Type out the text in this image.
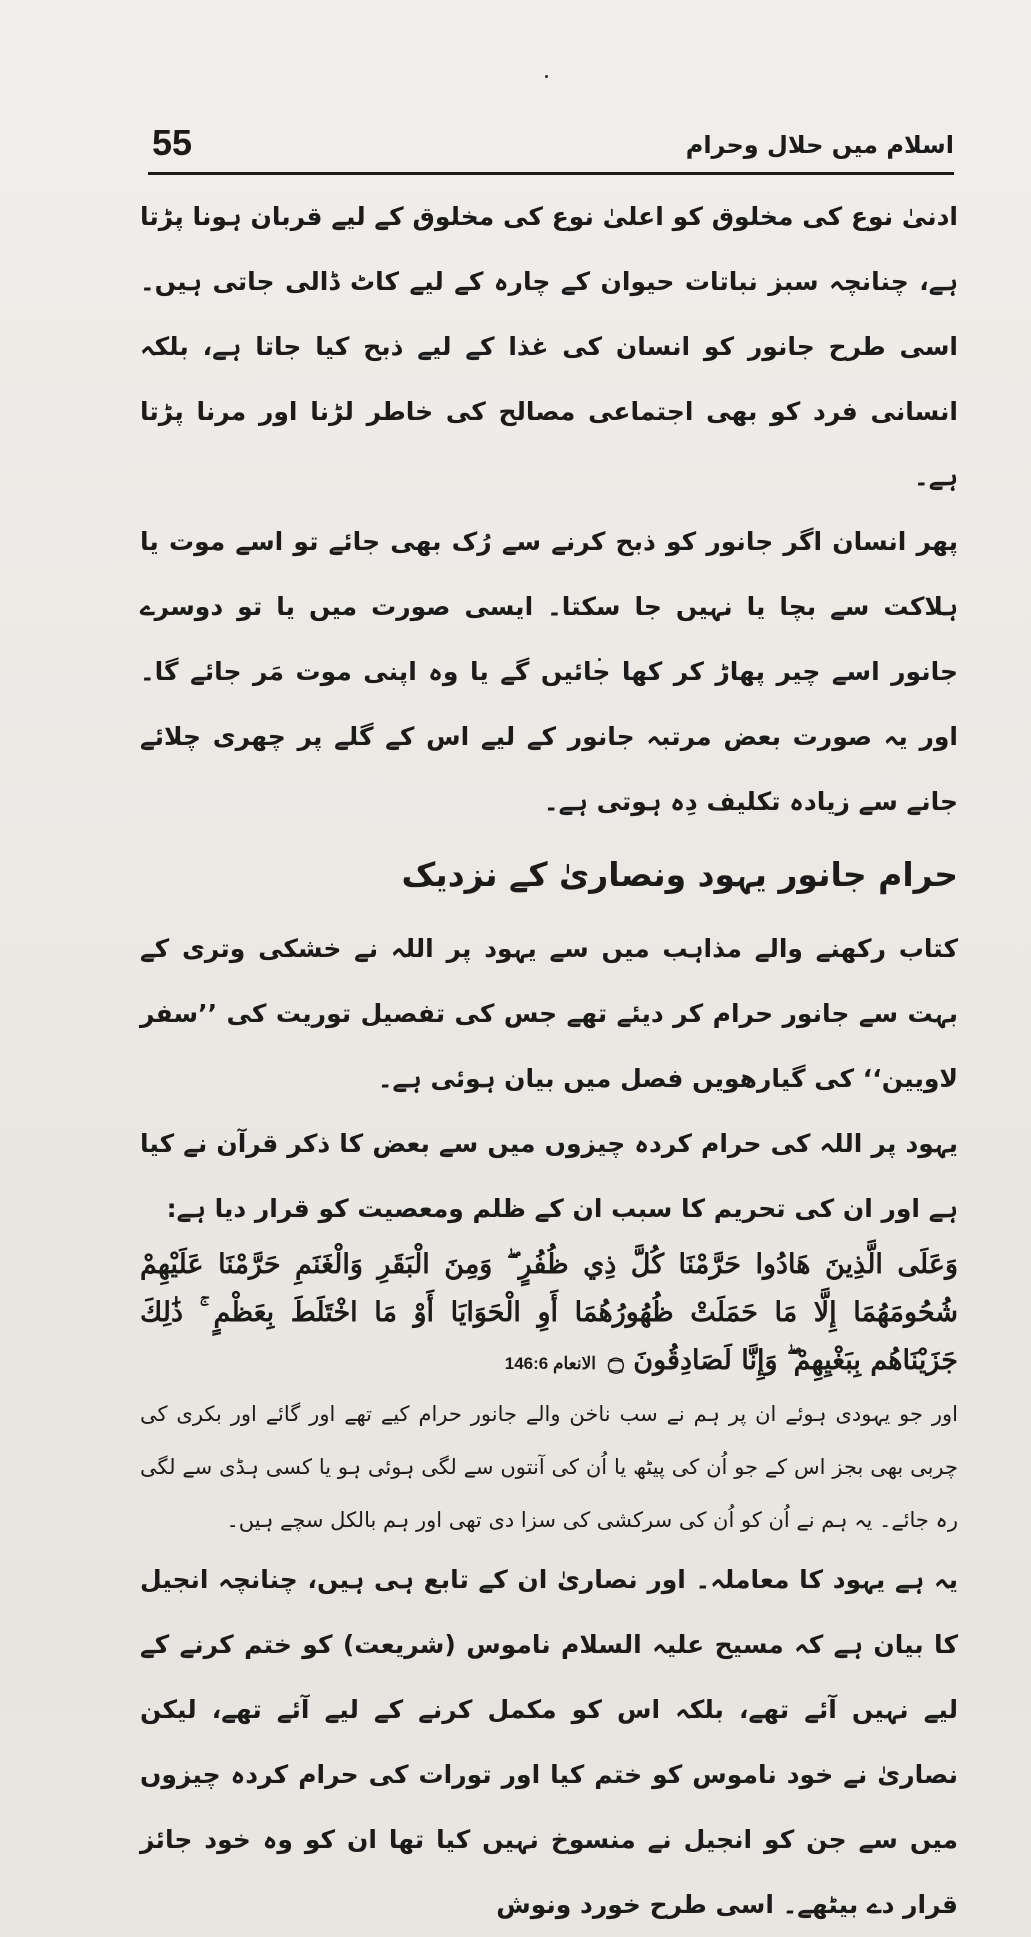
55	اسلام میں حلال وحرام

ادنیٰ نوع کی مخلوق کو اعلیٰ نوع کی مخلوق کے لیے قربان ہونا پڑتا ہے، چنانچہ سبز نباتات حیوان کے چارہ کے لیے کاٹ ڈالی جاتی ہیں۔ اسی طرح جانور کو انسان کی غذا کے لیے ذبح کیا جاتا ہے، بلکہ انسانی فرد کو بھی اجتماعی مصالح کی خاطر لڑنا اور مرنا پڑتا ہے۔

پھر انسان اگر جانور کو ذبح کرنے سے رُک بھی جائے تو اسے موت یا ہلاکت سے بچا یا نہیں جا سکتا۔ ایسی صورت میں یا تو دوسرے جانور اسے چیر پھاڑ کر کھا جائیں گے یا وہ اپنی موت مَر جائے گا۔ اور یہ صورت بعض مرتبہ جانور کے لیے اس کے گلے پر چھری چلائے جانے سے زیادہ تکلیف دِہ ہوتی ہے۔

حرام جانور یہود ونصاریٰ کے نزدیک

کتاب رکھنے والے مذاہب میں سے یہود پر اللہ نے خشکی وتری کے بہت سے جانور حرام کر دیئے تھے جس کی تفصیل توریت کی ’’سفر لاویین‘‘ کی گیارھویں فصل میں بیان ہوئی ہے۔

یہود پر اللہ کی حرام کردہ چیزوں میں سے بعض کا ذکر قرآن نے کیا ہے اور ان کی تحریم کا سبب ان کے ظلم ومعصیت کو قرار دیا ہے:

وَعَلَى الَّذِينَ هَادُوا حَرَّمْنَا كُلَّ ذِي ظُفُرٍ ۖ وَمِنَ الْبَقَرِ وَالْغَنَمِ حَرَّمْنَا عَلَيْهِمْ شُحُومَهُمَا إِلَّا مَا حَمَلَتْ ظُهُورُهُمَا أَوِ الْحَوَايَا أَوْ مَا اخْتَلَطَ بِعَظْمٍ ۚ ذَٰلِكَ جَزَيْنَاهُم بِبَغْيِهِمْ ۖ وَإِنَّا لَصَادِقُونَ ۝الانعام 146:6

اور جو یہودی ہوئے ان پر ہم نے سب ناخن والے جانور حرام کیے تھے اور گائے اور بکری کی چربی بھی بجز اس کے جو اُن کی پیٹھ یا اُن کی آنتوں سے لگی ہوئی ہو یا کسی ہڈی سے لگی رہ جائے۔ یہ ہم نے اُن کو اُن کی سرکشی کی سزا دی تھی اور ہم بالکل سچے ہیں۔

یہ ہے یہود کا معاملہ۔ اور نصاریٰ ان کے تابع ہی ہیں، چنانچہ انجیل کا بیان ہے کہ مسیح علیہ السلام ناموس (شریعت) کو ختم کرنے کے لیے نہیں آئے تھے، بلکہ اس کو مکمل کرنے کے لیے آئے تھے، لیکن نصاریٰ نے خود ناموس کو ختم کیا اور تورات کی حرام کردہ چیزوں میں سے جن کو انجیل نے منسوخ نہیں کیا تھا ان کو وہ خود جائز قرار دے بیٹھے۔ اسی طرح خورد ونوش
